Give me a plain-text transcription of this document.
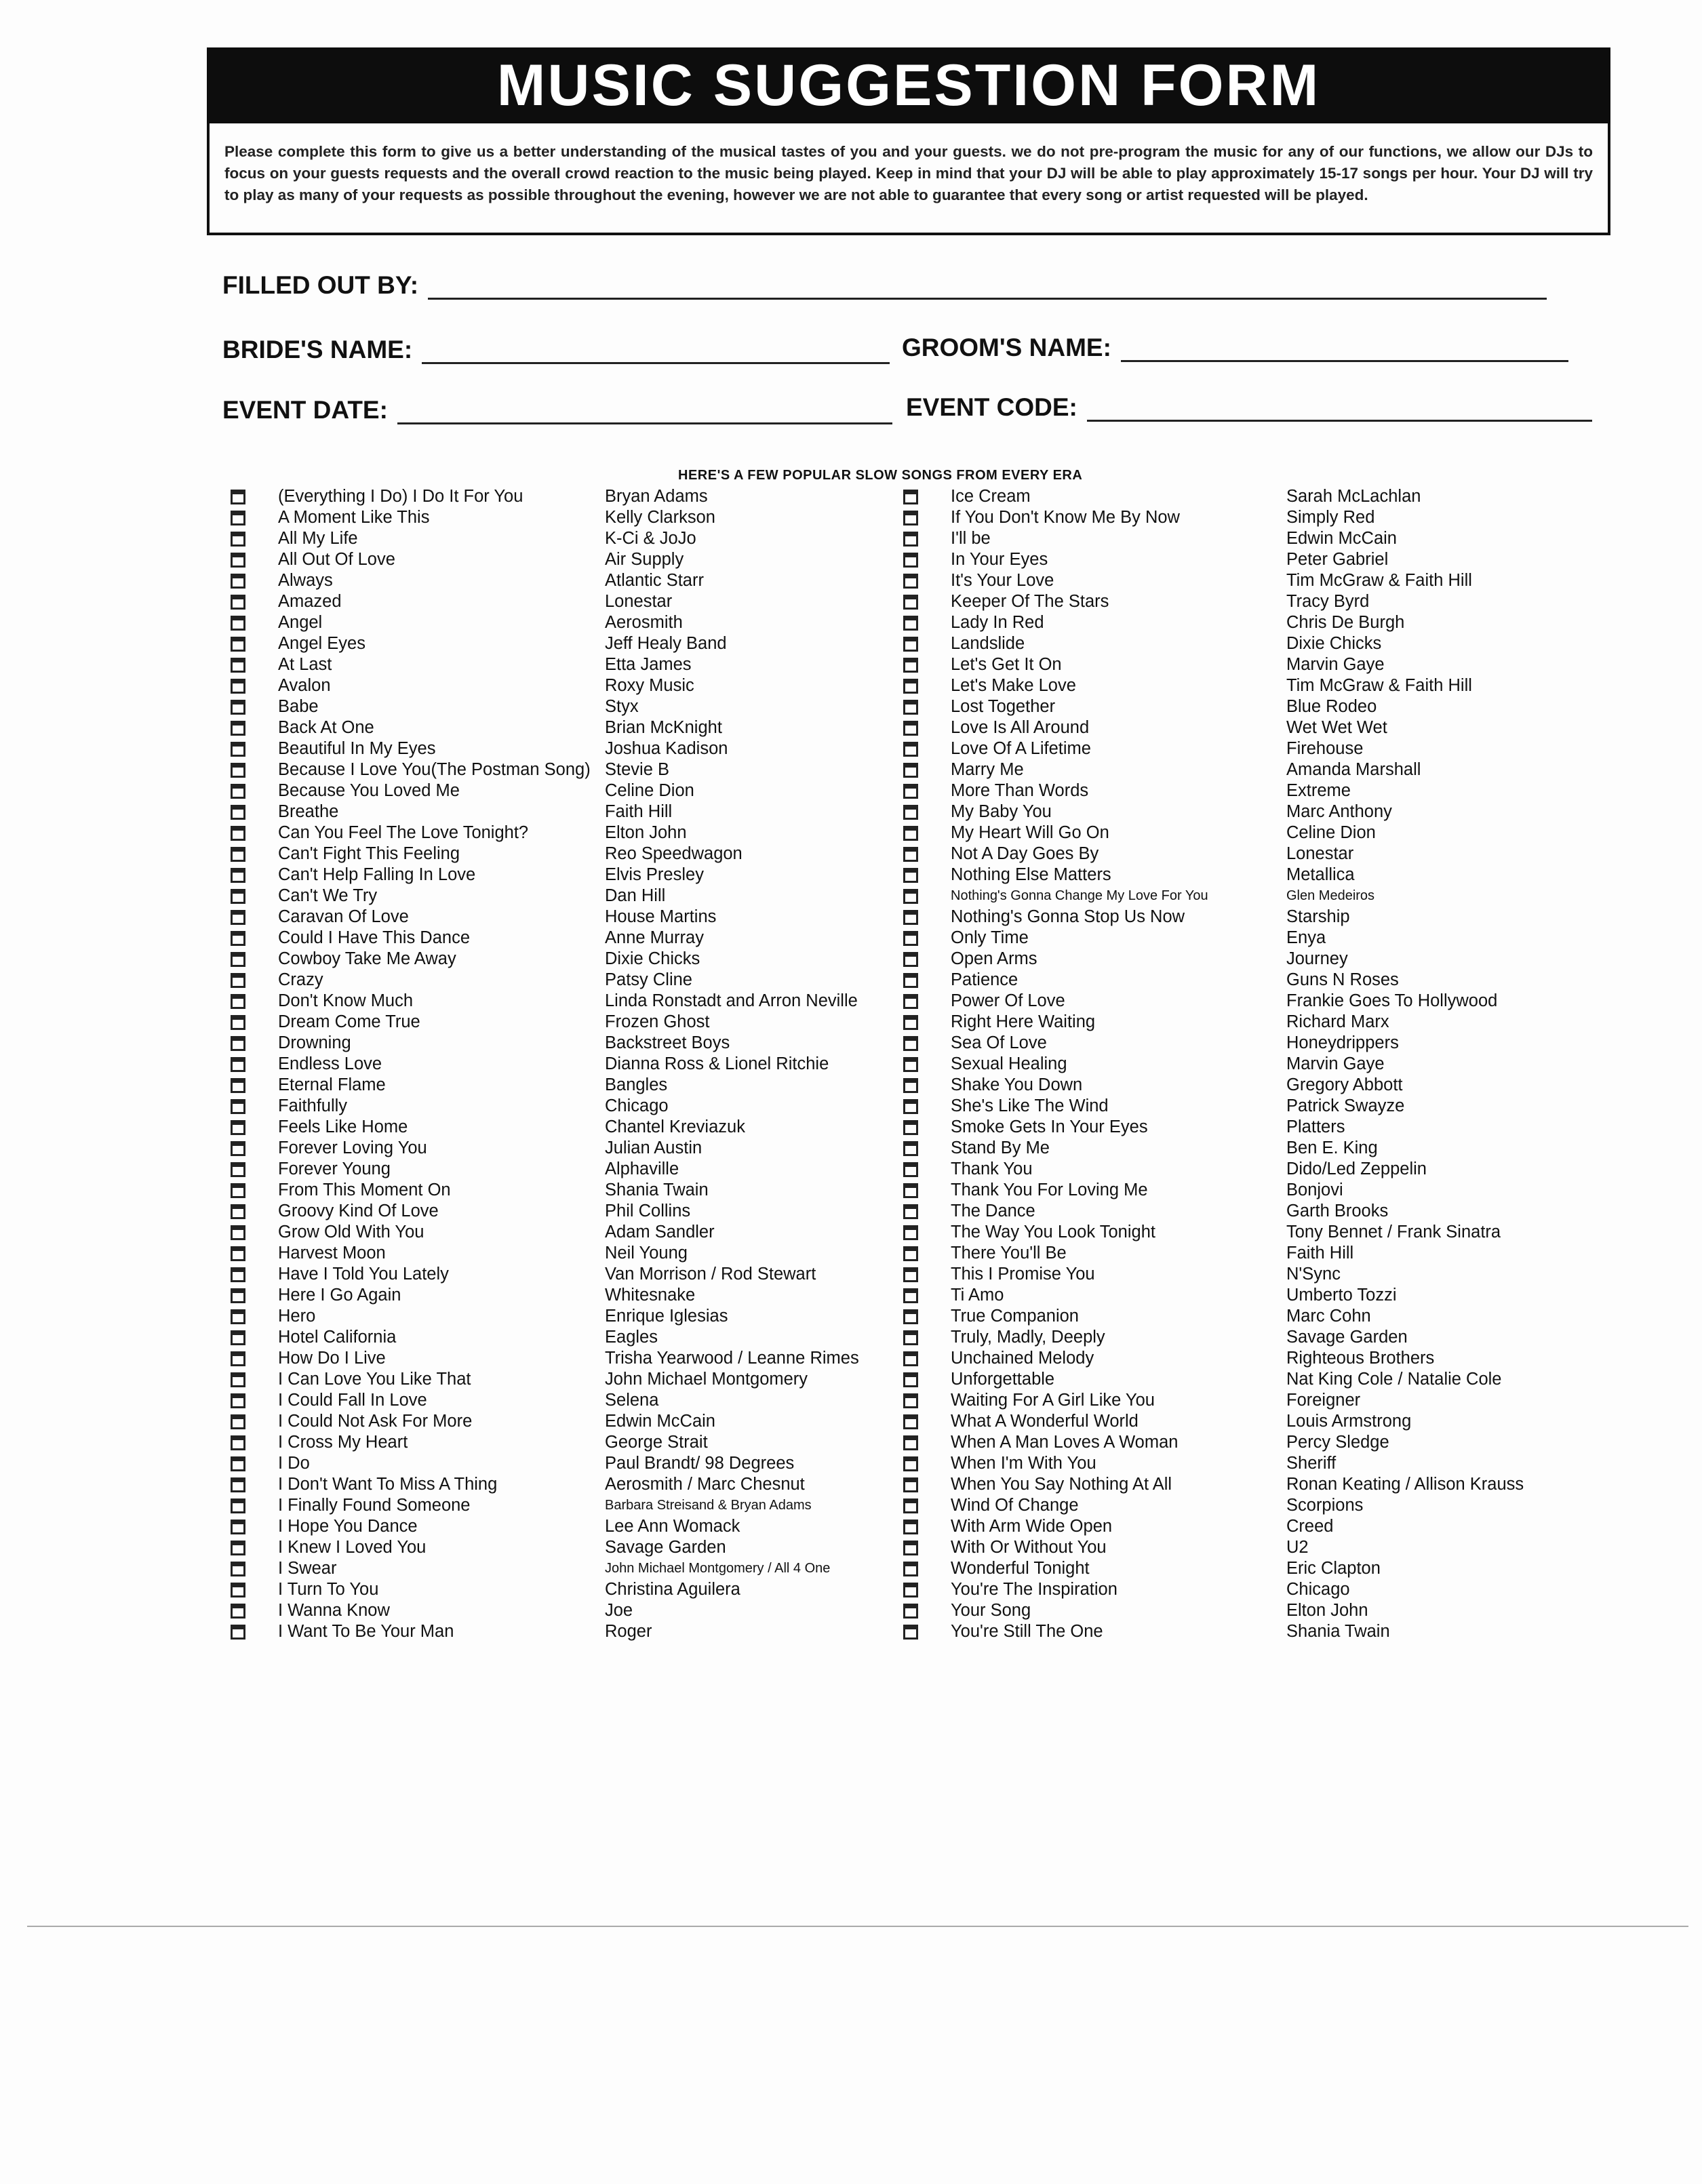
MUSIC SUGGESTION FORM
Please complete this form to give us a better understanding of the musical tastes of you and your guests. we do not pre-program the music for any of our functions, we allow our DJs to focus on your guests requests and the overall crowd reaction to the music being played. Keep in mind that your DJ will be able to play approximately 15-17 songs per hour. Your DJ will try to play as many of your requests as possible throughout the evening, however we are not able to guarantee that every song or artist requested will be played.
FILLED OUT BY:
BRIDE'S NAME:	GROOM'S NAME:
EVENT DATE:	EVENT CODE:
HERE'S A FEW POPULAR SLOW SONGS FROM EVERY ERA
(Everything I Do) I Do It For You	Bryan Adams
A Moment Like This	Kelly Clarkson
All My Life	K-Ci & JoJo
All Out Of Love	Air Supply
Always	Atlantic Starr
Amazed	Lonestar
Angel	Aerosmith
Angel Eyes	Jeff Healy Band
At Last	Etta James
Avalon	Roxy Music
Babe	Styx
Back At One	Brian McKnight
Beautiful In My Eyes	Joshua Kadison
Because I Love You(The Postman Song) Stevie B
Because You Loved Me	Celine Dion
Breathe	Faith Hill
Can You Feel The Love Tonight?	Elton John
Can't Fight This Feeling	Reo Speedwagon
Can't Help Falling In Love	Elvis Presley
Can't We Try	Dan Hill
Caravan Of Love	House Martins
Could I Have This Dance	Anne Murray
Cowboy Take Me Away	Dixie Chicks
Crazy	Patsy Cline
Don't Know Much	Linda Ronstadt and Arron Neville
Dream Come True	Frozen Ghost
Drowning	Backstreet Boys
Endless Love	Dianna Ross & Lionel Ritchie
Eternal Flame	Bangles
Faithfully	Chicago
Feels Like Home	Chantel Kreviazuk
Forever Loving You	Julian Austin
Forever Young	Alphaville
From This Moment On	Shania Twain
Groovy Kind Of Love	Phil Collins
Grow Old With You	Adam Sandler
Harvest Moon	Neil Young
Have I Told You Lately	Van Morrison / Rod Stewart
Here I Go Again	Whitesnake
Hero	Enrique Iglesias
Hotel California	Eagles
How Do I Live	Trisha Yearwood / Leanne Rimes
I Can Love You Like That	John Michael Montgomery
I Could Fall In Love	Selena
I Could Not Ask For More	Edwin McCain
I Cross My Heart	George Strait
I Do	Paul Brandt/ 98 Degrees
I Don't Want To Miss A Thing	Aerosmith / Marc Chesnut
I Finally Found Someone	Barbara Streisand & Bryan Adams
I Hope You Dance	Lee Ann Womack
I Knew I Loved You	Savage Garden
I Swear	John Michael Montgomery / All 4 One
I Turn To You	Christina Aguilera
I Wanna Know	Joe
I Want To Be Your Man	Roger
Ice Cream	Sarah McLachlan
If You Don't Know Me By Now	Simply Red
I'll be	Edwin McCain
In Your Eyes	Peter Gabriel
It's Your Love	Tim McGraw & Faith Hill
Keeper Of The Stars	Tracy Byrd
Lady In Red	Chris De Burgh
Landslide	Dixie Chicks
Let's Get It On	Marvin Gaye
Let's Make Love	Tim McGraw & Faith Hill
Lost Together	Blue Rodeo
Love Is All Around	Wet Wet Wet
Love Of A Lifetime	Firehouse
Marry Me	Amanda Marshall
More Than Words	Extreme
My Baby You	Marc Anthony
My Heart Will Go On	Celine Dion
Not A Day Goes By	Lonestar
Nothing Else Matters	Metallica
Nothing's Gonna Change My Love For You	Glen Medeiros
Nothing's Gonna Stop Us Now	Starship
Only Time	Enya
Open Arms	Journey
Patience	Guns N Roses
Power Of Love	Frankie Goes To Hollywood
Right Here Waiting	Richard Marx
Sea Of Love	Honeydrippers
Sexual Healing	Marvin Gaye
Shake You Down	Gregory Abbott
She's Like The Wind	Patrick Swayze
Smoke Gets In Your Eyes	Platters
Stand By Me	Ben E. King
Thank You	Dido/Led Zeppelin
Thank You For Loving Me	Bonjovi
The Dance	Garth Brooks
The Way You Look Tonight	Tony Bennet / Frank Sinatra
There You'll Be	Faith Hill
This I Promise You	N'Sync
Ti Amo	Umberto Tozzi
True Companion	Marc Cohn
Truly, Madly, Deeply	Savage Garden
Unchained Melody	Righteous Brothers
Unforgettable	Nat King Cole / Natalie Cole
Waiting For A Girl Like You	Foreigner
What A Wonderful World	Louis Armstrong
When A Man Loves A Woman	Percy Sledge
When I'm With You	Sheriff
When You Say Nothing At All	Ronan Keating / Allison Krauss
Wind Of Change	Scorpions
With Arm Wide Open	Creed
With Or Without You	U2
Wonderful Tonight	Eric Clapton
You're The Inspiration	Chicago
Your Song	Elton John
You're Still The One	Shania Twain
